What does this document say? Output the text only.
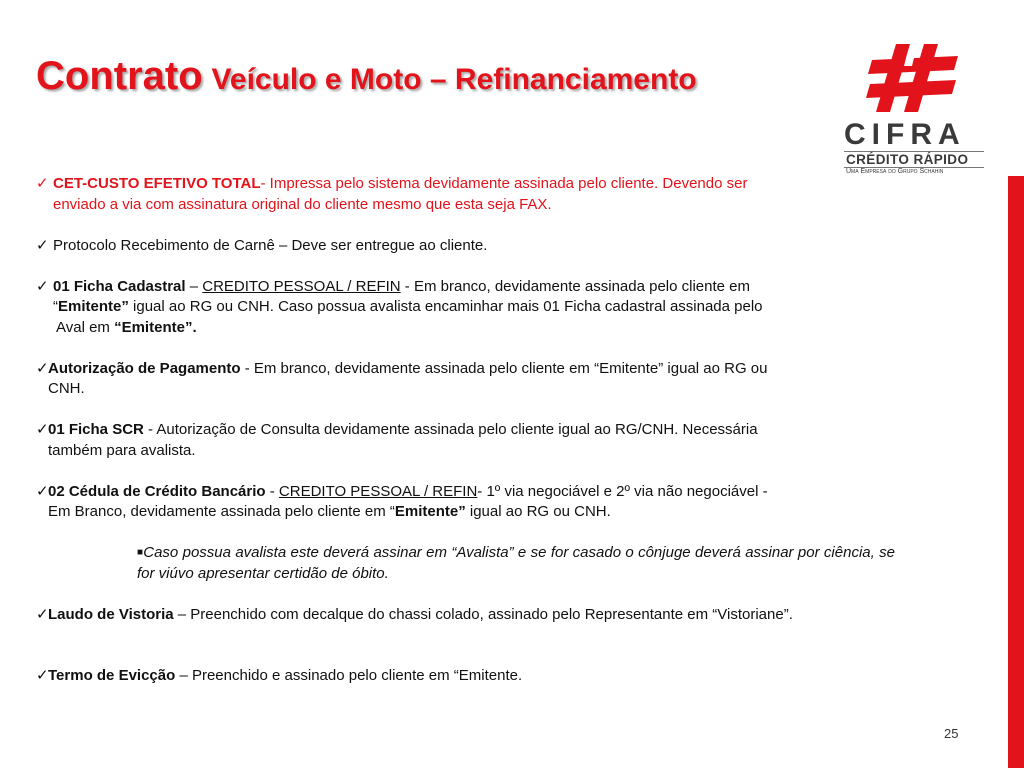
Contrato Veículo e Moto – Refinanciamento
CIFRA
CRÉDITO RÁPIDO
Uma Empresa do Grupo Schahin
✓ CET-CUSTO EFETIVO TOTAL- Impressa pelo sistema devidamente assinada pelo cliente. Devendo ser
enviado a via com assinatura original do cliente mesmo que esta seja FAX.
✓ Protocolo Recebimento de Carnê – Deve ser entregue ao cliente.
✓ 01 Ficha Cadastral – CREDITO PESSOAL / REFIN - Em branco, devidamente assinada pelo cliente em
“Emitente” igual ao RG ou CNH. Caso possua avalista encaminhar mais 01 Ficha cadastral assinada pelo
Aval em “Emitente”.
✓ Autorização de Pagamento - Em branco, devidamente assinada pelo cliente em “Emitente” igual ao RG ou
CNH.
✓ 01 Ficha SCR - Autorização de Consulta devidamente assinada pelo cliente igual ao RG/CNH. Necessária
também para avalista.
✓ 02 Cédula de Crédito Bancário - CREDITO PESSOAL / REFIN- 1º via negociável e 2º via não negociável -
Em Branco, devidamente assinada pelo cliente em “Emitente” igual ao RG ou CNH.
■Caso possua avalista este deverá assinar em “Avalista” e se for casado o cônjuge deverá assinar por ciência, se for viúvo apresentar certidão de óbito.
✓ Laudo de Vistoria – Preenchido com decalque do chassi colado, assinado pelo Representante em “Vistoriane”.
✓ Termo de Evicção – Preenchido e assinado pelo cliente em “Emitente.
25
